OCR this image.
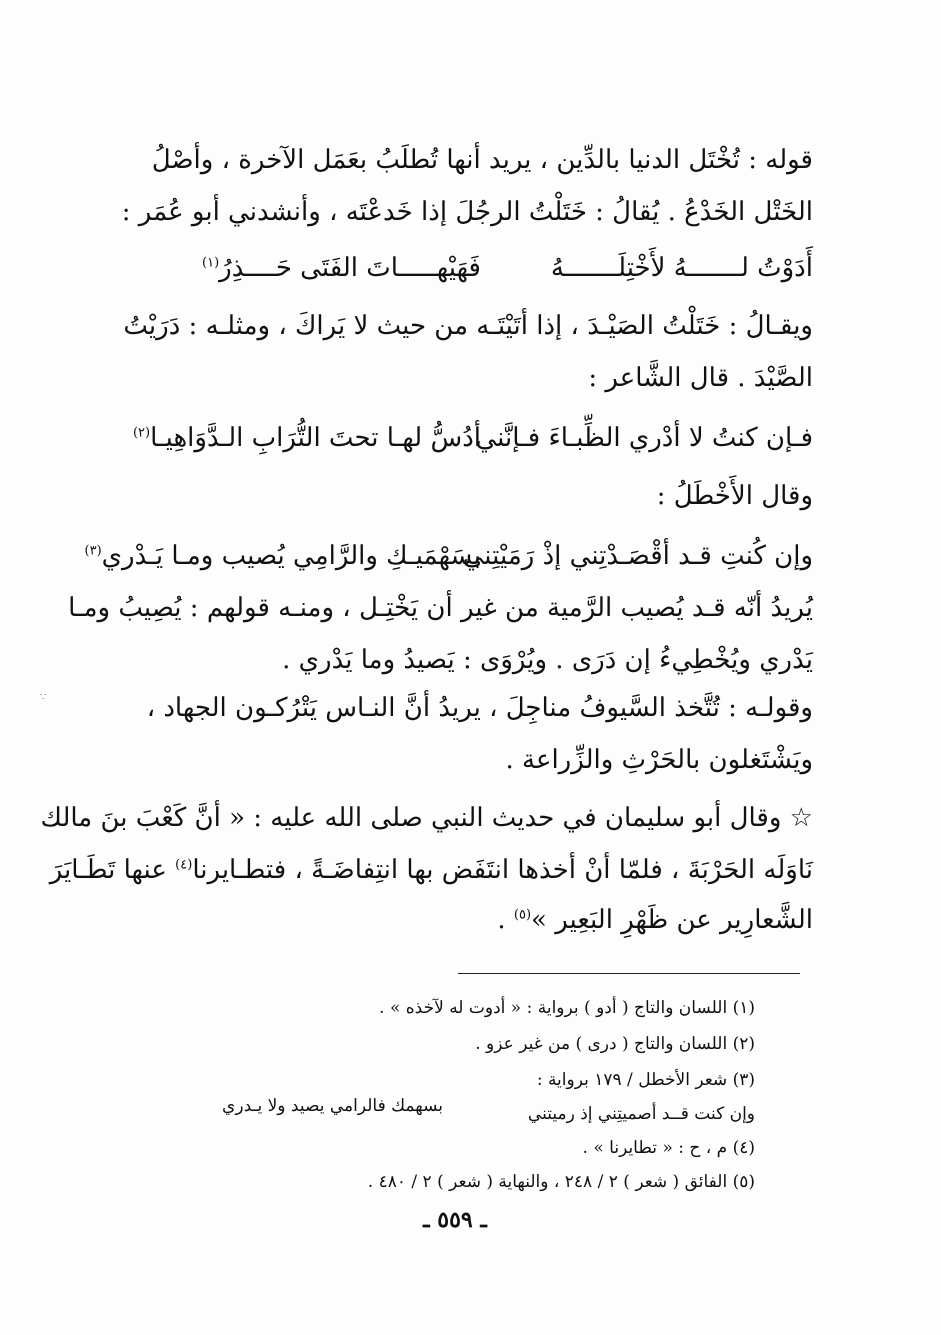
قوله : تُخْتَل الدنيا بالدِّين ، يريد أنها تُطلَبُ بعَمَل الآخرة ، وأصْلُ
الخَتْل الخَدْعُ . يُقالُ : خَتَلْتُ الرجُلَ إذا خَدعْتَه ، وأنشدني أبو عُمَر :
أَدَوْتُ لـــــــهُ لأَخْتِلَـــــــهُ
فَهَيْهـــــاتَ الفَتَى حَــــذِرُ$^{(١)}$
ويقـالُ : خَتَلْتُ الصَيْـدَ ، إذا أتَيْتَـه من حيث لا يَراكَ ، ومثلـه : دَرَيْتُ
الصَّيْدَ . قال الشَّاعر :
فـإن كنتُ لا أدْري الظِّبـاءَ فـإنَّني
أدُسُّ لهـا تحتَ التُّرَابِ الـدَّوَاهِيـا$^{(٢)}$
وقال الأَخْطَلُ :
وإن كُنتِ قـد أقْصَـدْتِني إذْ رَمَيْتِني
بسَهْمَيـكِ والرَّامِي يُصيب ومـا يَـدْري$^{(٣)}$
يُريدُ أنّه قـد يُصيب الرَّمية من غير أن يَخْتِـل ، ومنـه قولهم : يُصِيبُ ومـا
يَدْري ويُخْطِيءُ إن دَرَى . ويُرْوَى : يَصيدُ وما يَدْري .
∵	وقولـه : تُتَّخذ السَّيوفُ مناجِلَ ، يريدُ أنَّ النـاس يَتْرُكـون الجهاد ،
ويَشْتَغلون بالحَرْثِ والزِّراعة .
☆ وقال أبو سليمان في حديث النبي صلى الله عليه : « أنَّ كَعْبَ بنَ مالك
نَاوَلَه الحَرْبَةَ ، فلمّا أنْ أخذها انتَفَض بها انتِفاضَـةً ، فتطـايرنا$^{(٤)}$ عنها تَطَـايَرَ
الشَّعارِير عن ظَهْرِ البَعِير »$^{(٥)}$ .
(١) اللسان والتاج ( أدو ) برواية : « أدوت له لآخذه » .
(٢) اللسان والتاج ( درى ) من غير عزو .
(٣) شعر الأخطل / ١٧٩ برواية :
وإن كنت قــد أصميتِني إذ رميتني
بسهمك فالرامي يصيد ولا يـدري
(٤) م ، ح : « تطايرنا » .
(٥) الفائق ( شعر ) ٢ / ٢٤٨ ، والنهاية ( شعر ) ٢ / ٤٨٠ .
ـ ٥٥٩ ـ
